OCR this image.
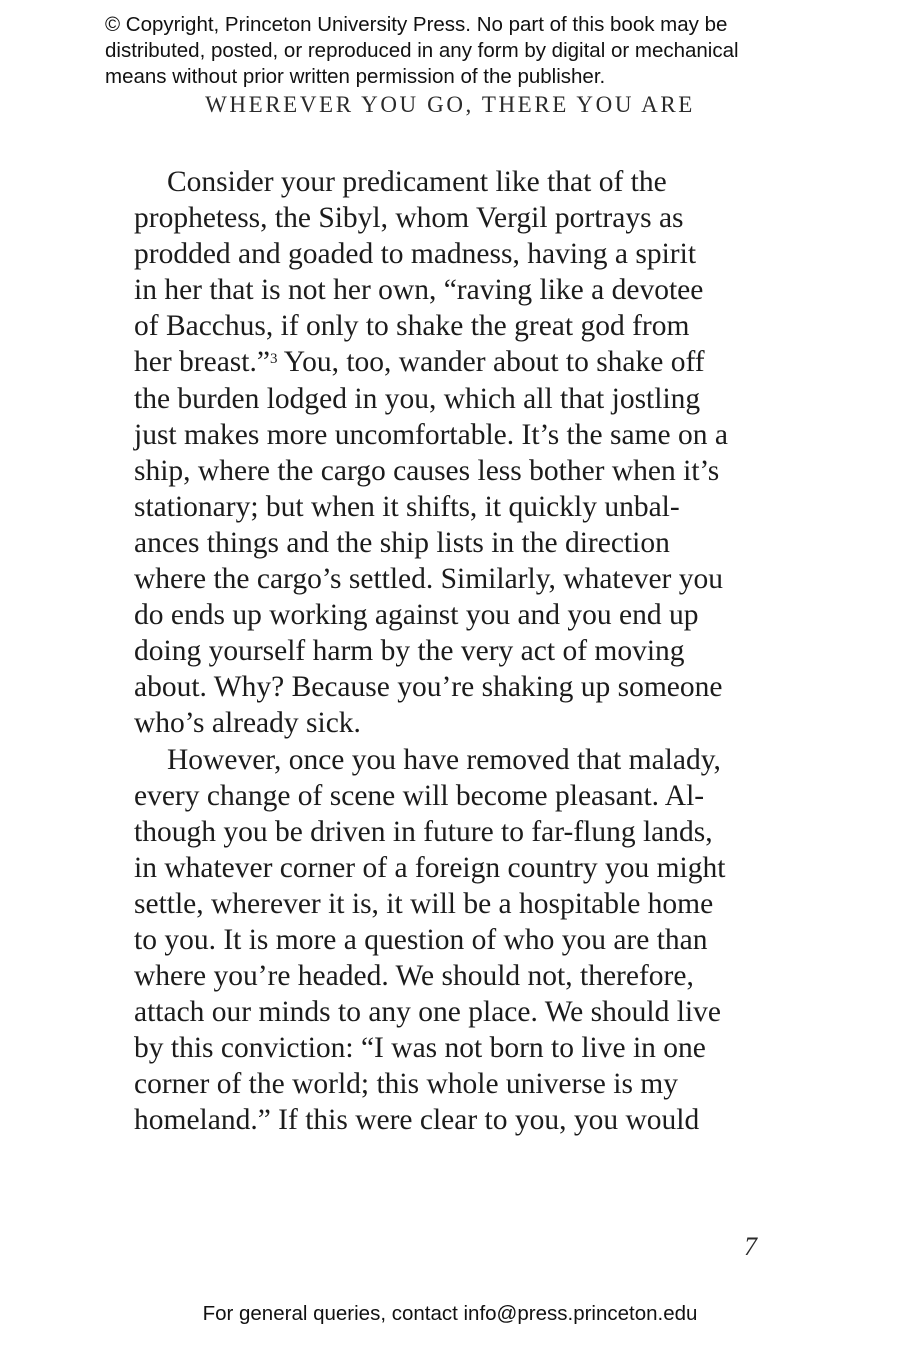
© Copyright, Princeton University Press. No part of this book may be
distributed, posted, or reproduced in any form by digital or mechanical
means without prior written permission of the publisher.
WHEREVER YOU GO, THERE YOU ARE
Consider your predicament like that of the
prophetess, the Sibyl, whom Vergil portrays as
prodded and goaded to madness, having a spirit
in her that is not her own, “raving like a devotee
of Bacchus, if only to shake the great god from
her breast.”$^3$ You, too, wander about to shake off
the burden lodged in you, which all that jostling
just makes more uncomfortable. It’s the same on a
ship, where the cargo causes less bother when it’s
stationary; but when it shifts, it quickly unbal-
ances things and the ship lists in the direction
where the cargo’s settled. Similarly, whatever you
do ends up working against you and you end up
doing yourself harm by the very act of moving
about. Why? Because you’re shaking up someone
who’s already sick.
However, once you have removed that malady,
every change of scene will become pleasant. Al-
though you be driven in future to far-flung lands,
in whatever corner of a foreign country you might
settle, wherever it is, it will be a hospitable home
to you. It is more a question of who you are than
where you’re headed. We should not, therefore,
attach our minds to any one place. We should live
by this conviction: “I was not born to live in one
corner of the world; this whole universe is my
homeland.” If this were clear to you, you would
7
For general queries, contact info@press.princeton.edu
